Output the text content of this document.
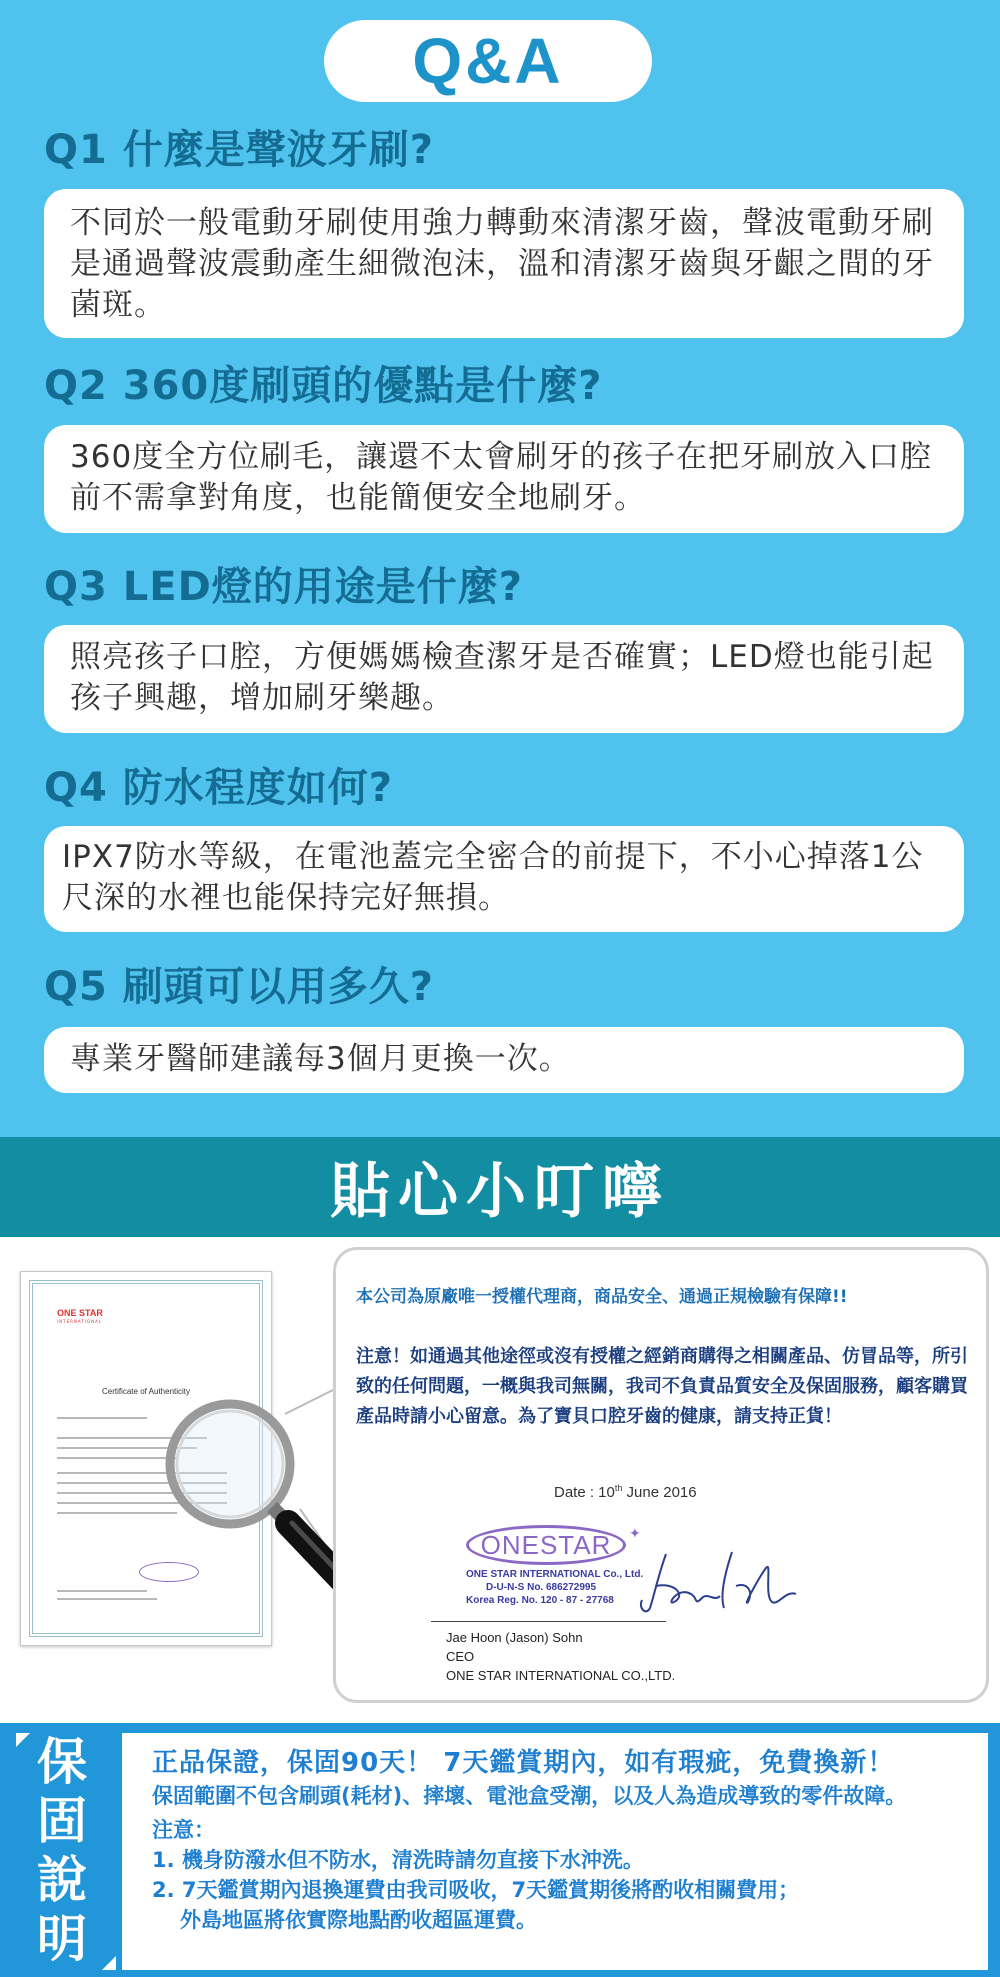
Q&A
Q1 什麼是聲波牙刷?

不同於一般電動牙刷使用強力轉動來清潔牙齒，聲波電動牙刷是通過聲波震動產生細微泡沫，溫和清潔牙齒與牙齦之間的牙菌斑。

Q2 360度刷頭的優點是什麼?

360度全方位刷毛，讓還不太會刷牙的孩子在把牙刷放入口腔前不需拿對角度，也能簡便安全地刷牙。

Q3 LED燈的用途是什麼?

照亮孩子口腔，方便媽媽檢查潔牙是否確實；LED燈也能引起孩子興趣，增加刷牙樂趣。

Q4 防水程度如何?

IPX7防水等級，在電池蓋完全密合的前提下，不小心掉落1公尺深的水裡也能保持完好無損。

Q5 刷頭可以用多久?

專業牙醫師建議每3個月更換一次。

貼心小叮嚀
ONE STAR
INTERNATIONAL
Certificate of Authenticity
本公司為原廠唯一授權代理商，商品安全、通過正規檢驗有保障!!
注意！如通過其他途徑或沒有授權之經銷商購得之相關產品、仿冒品等，所引致的任何問題，一概與我司無關，我司不負責品質安全及保固服務，顧客購買產品時請小心留意。為了寶貝口腔牙齒的健康，請支持正貨！
Date : 10th June 2016
ONESTAR ✦
ONE STAR INTERNATIONAL Co., Ltd.
D-U-N-S No. 686272995
Korea Reg. No. 120 - 87 - 27768
Jae Hoon (Jason) Sohn
CEO
ONE STAR INTERNATIONAL CO.,LTD.
保
固
說
明
正品保證，保固90天！ 7天鑑賞期內，如有瑕疵，免費換新！
保固範圍不包含刷頭(耗材)、摔壞、電池盒受潮，以及人為造成導致的零件故障。
注意：
1. 機身防潑水但不防水，清洗時請勿直接下水沖洗。
2. 7天鑑賞期內退換運費由我司吸收，7天鑑賞期後將酌收相關費用；
外島地區將依實際地點酌收超區運費。
